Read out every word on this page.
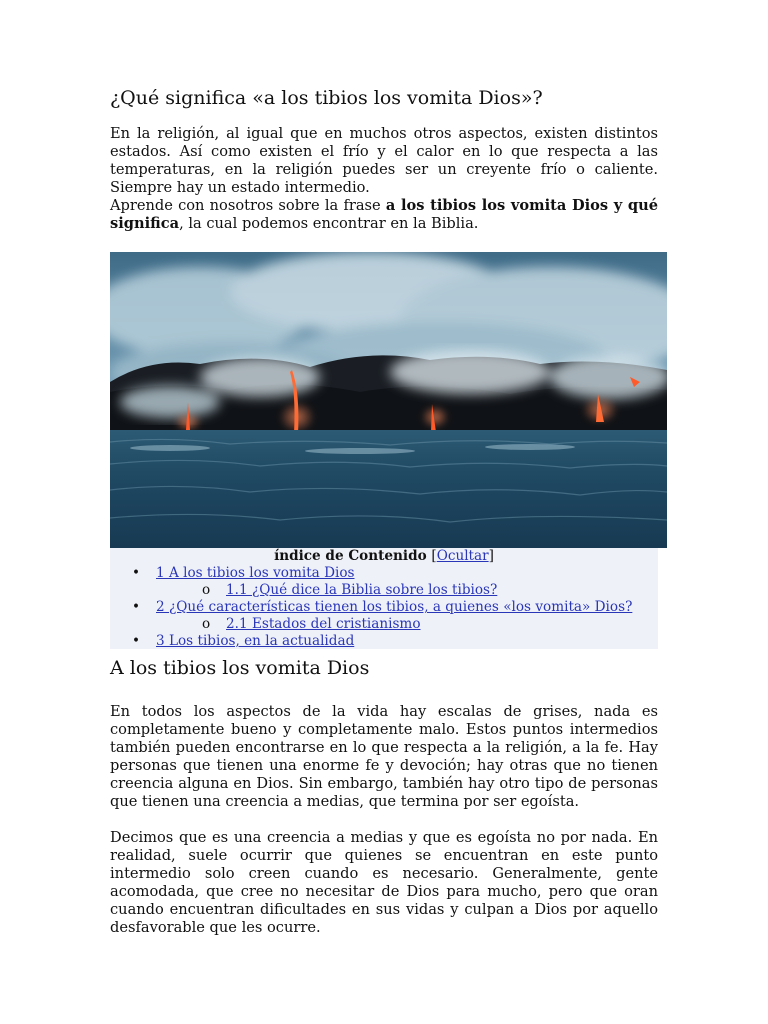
¿Qué significa «a los tibios los vomita Dios»?

En la religión, al igual que en muchos otros aspectos, existen distintos estados. Así como existen el frío y el calor en lo que respecta a las temperaturas, en la religión puedes ser un creyente frío o caliente. Siempre hay un estado intermedio.

Aprende con nosotros sobre la frase a los tibios los vomita Dios y qué significa, la cual podemos encontrar en la Biblia.

índice de Contenido [Ocultar]

• 1 A los tibios los vomita Dios
o 1.1 ¿Qué dice la Biblia sobre los tibios?
• 2 ¿Qué características tienen los tibios, a quienes «los vomita» Dios?
o 2.1 Estados del cristianismo
• 3 Los tibios, en la actualidad
A los tibios los vomita Dios

En todos los aspectos de la vida hay escalas de grises, nada es completamente bueno y completamente malo. Estos puntos intermedios también pueden encontrarse en lo que respecta a la religión, a la fe. Hay personas que tienen una enorme fe y devoción; hay otras que no tienen creencia alguna en Dios. Sin embargo, también hay otro tipo de personas que tienen una creencia a medias, que termina por ser egoísta.

Decimos que es una creencia a medias y que es egoísta no por nada. En realidad, suele ocurrir que quienes se encuentran en este punto intermedio solo creen cuando es necesario. Generalmente, gente acomodada, que cree no necesitar de Dios para mucho, pero que oran cuando encuentran dificultades en sus vidas y culpan a Dios por aquello desfavorable que les ocurre.
